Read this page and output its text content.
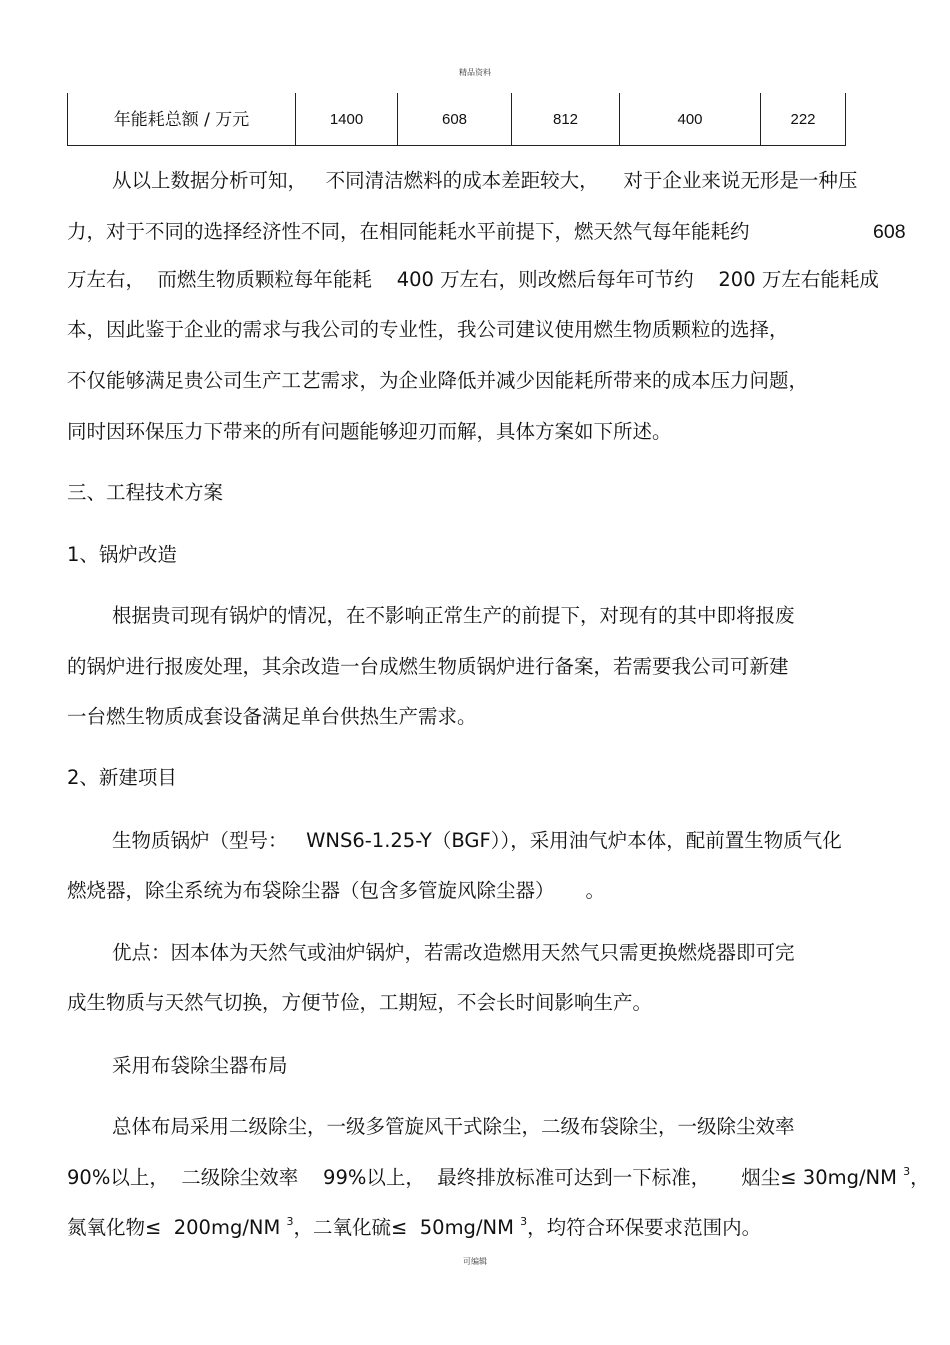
精品资料
年能耗总额 / 万元	1400	608	812	400	222
从以上数据分析可知，   不同清洁燃料的成本差距较大，    对于企业来说无形是一种压
力，对于不同的选择经济性不同，在相同能耗水平前提下，燃天然气每年能耗约	608
万左右，  而燃生物质颗粒每年能耗    400 万左右，则改燃后每年可节约    200 万左右能耗成
本，因此鉴于企业的需求与我公司的专业性，我公司建议使用燃生物质颗粒的选择，
不仅能够满足贵公司生产工艺需求，为企业降低并减少因能耗所带来的成本压力问题，
同时因环保压力下带来的所有问题能够迎刃而解，具体方案如下所述。
三、工程技术方案
1、锅炉改造
根据贵司现有锅炉的情况，在不影响正常生产的前提下，对现有的其中即将报废
的锅炉进行报废处理，其余改造一台成燃生物质锅炉进行备案，若需要我公司可新建
一台燃生物质成套设备满足单台供热生产需求。
2、新建项目
生物质锅炉（型号：   WNS6-1.25-Y（BGF）），采用油气炉本体，配前置生物质气化
燃烧器，除尘系统为布袋除尘器（包含多管旋风除尘器）     。
优点：因本体为天然气或油炉锅炉，若需改造燃用天然气只需更换燃烧器即可完
成生物质与天然气切换，方便节俭，工期短，不会长时间影响生产。
采用布袋除尘器布局
总体布局采用二级除尘，一级多管旋风干式除尘，二级布袋除尘，一级除尘效率
90%以上，  二级除尘效率    99%以上，  最终排放标准可达到一下标准，     烟尘≤ 30mg/NM $^3$，
氮氧化物≤  200mg/NM $^3$，二氧化硫≤  50mg/NM $^3$，均符合环保要求范围内。
可编辑
